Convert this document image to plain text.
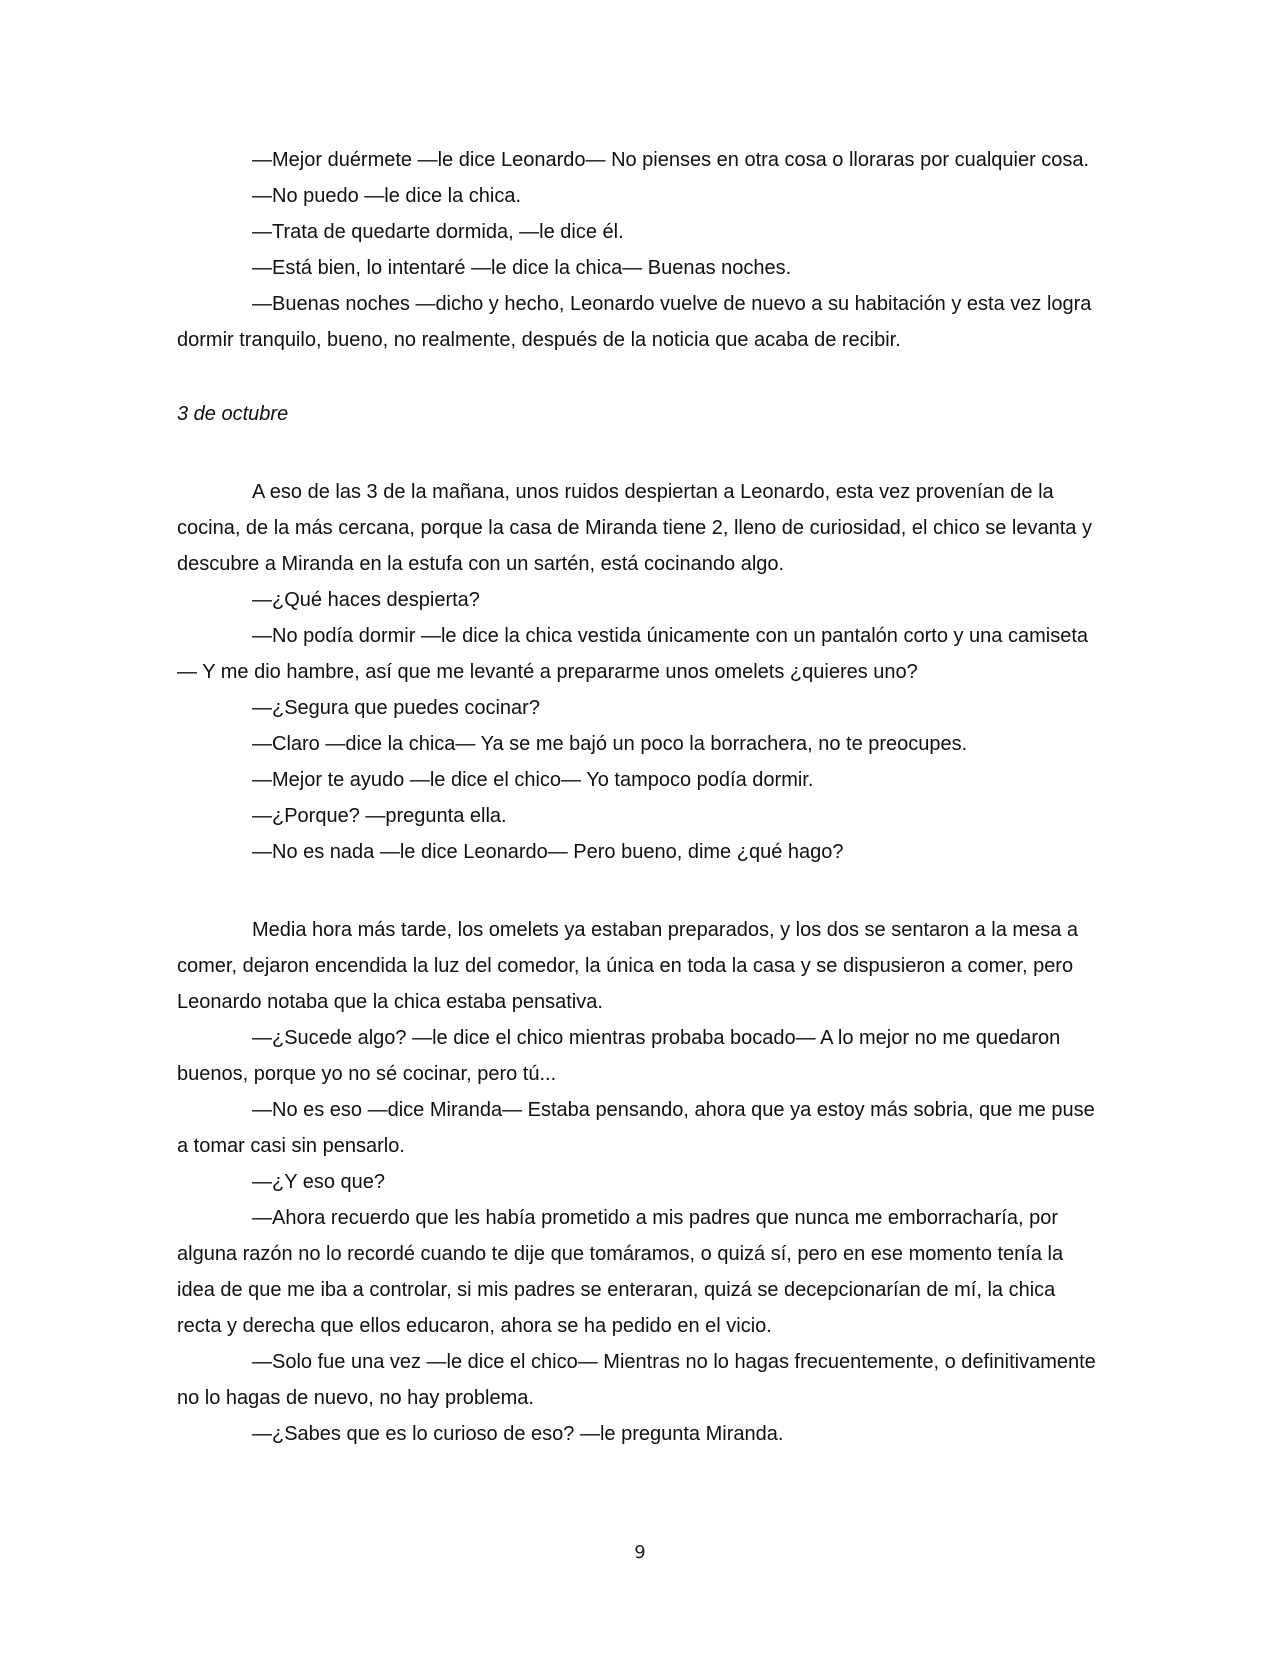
—Mejor duérmete —le dice Leonardo— No pienses en otra cosa o lloraras por cualquier cosa.

—No puedo —le dice la chica.

—Trata de quedarte dormida, —le dice él.

—Está bien, lo intentaré —le dice la chica— Buenas noches.

—Buenas noches —dicho y hecho, Leonardo vuelve de nuevo a su habitación y esta vez logra dormir tranquilo, bueno, no realmente, después de la noticia que acaba de recibir.

3 de octubre

A eso de las 3 de la mañana, unos ruidos despiertan a Leonardo, esta vez provenían de la cocina, de la más cercana, porque la casa de Miranda tiene 2, lleno de curiosidad, el chico se levanta y descubre a Miranda en la estufa con un sartén, está cocinando algo.

—¿Qué haces despierta?

—No podía dormir —le dice la chica vestida únicamente con un pantalón corto y una camiseta— Y me dio hambre, así que me levanté a prepararme unos omelets ¿quieres uno?

—¿Segura que puedes cocinar?

—Claro —dice la chica— Ya se me bajó un poco la borrachera, no te preocupes.

—Mejor te ayudo —le dice el chico— Yo tampoco podía dormir.

—¿Porque? —pregunta ella.

—No es nada —le dice Leonardo— Pero bueno, dime ¿qué hago?

Media hora más tarde, los omelets ya estaban preparados, y los dos se sentaron a la mesa a comer, dejaron encendida la luz del comedor, la única en toda la casa y se dispusieron a comer, pero Leonardo notaba que la chica estaba pensativa.

—¿Sucede algo? —le dice el chico mientras probaba bocado— A lo mejor no me quedaron buenos, porque yo no sé cocinar, pero tú...

—No es eso —dice Miranda— Estaba pensando, ahora que ya estoy más sobria, que me puse a tomar casi sin pensarlo.

—¿Y eso que?

—Ahora recuerdo que les había prometido a mis padres que nunca me emborracharía, por alguna razón no lo recordé cuando te dije que tomáramos, o quizá sí, pero en ese momento tenía la idea de que me iba a controlar, si mis padres se enteraran, quizá se decepcionarían de mí, la chica recta y derecha que ellos educaron, ahora se ha pedido en el vicio.

—Solo fue una vez —le dice el chico— Mientras no lo hagas frecuentemente, o definitivamente no lo hagas de nuevo, no hay problema.

—¿Sabes que es lo curioso de eso? —le pregunta Miranda.

9
